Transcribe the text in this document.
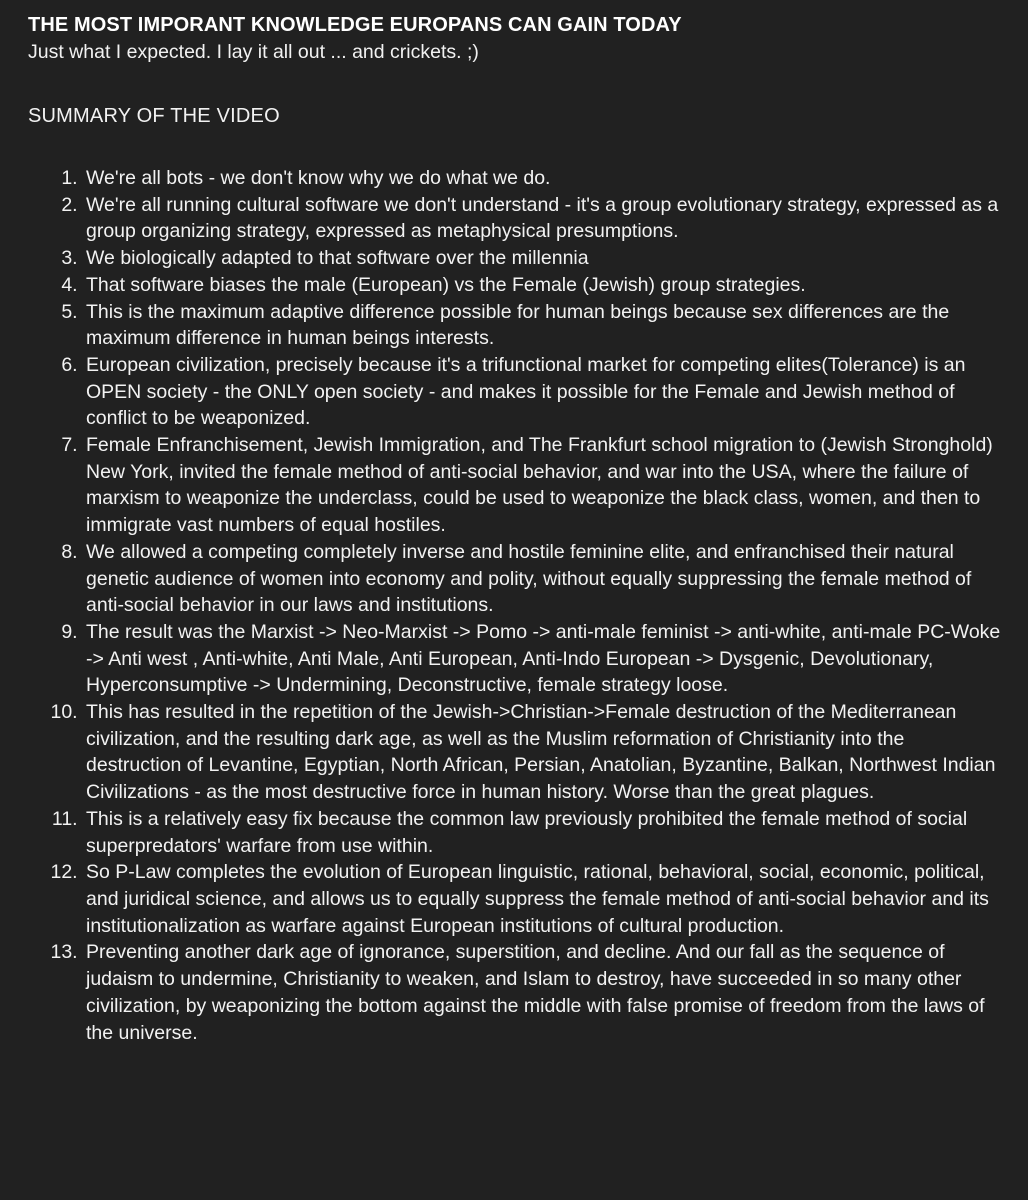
THE MOST IMPORANT KNOWLEDGE EUROPANS CAN GAIN TODAY

Just what I expected. I lay it all out ... and crickets. ;)

SUMMARY OF THE VIDEO

1. We're all bots - we don't know why we do what we do.
2. We're all running cultural software we don't understand - it's a group evolutionary strategy, expressed as a group organizing strategy, expressed as metaphysical presumptions.
3. We biologically adapted to that software over the millennia
4. That software biases the male (European) vs the Female (Jewish) group strategies.
5. This is the maximum adaptive difference possible for human beings because sex differences are the maximum difference in human beings interests.
6. European civilization, precisely because it's a trifunctional market for competing elites(Tolerance) is an OPEN society - the ONLY open society - and makes it possible for the Female and Jewish method of conflict to be weaponized.
7. Female Enfranchisement, Jewish Immigration, and The Frankfurt school migration to (Jewish Stronghold) New York, invited the female method of anti-social behavior, and war into the USA, where the failure of marxism to weaponize the underclass, could be used to weaponize the black class, women, and then to immigrate vast numbers of equal hostiles.
8. We allowed a competing completely inverse and hostile feminine elite, and enfranchised their natural genetic audience of women into economy and polity, without equally suppressing the female method of anti-social behavior in our laws and institutions.
9. The result was the Marxist -> Neo-Marxist -> Pomo -> anti-male feminist -> anti-white, anti-male PC-Woke -> Anti west , Anti-white, Anti Male, Anti European, Anti-Indo European -> Dysgenic, Devolutionary, Hyperconsumptive -> Undermining, Deconstructive, female strategy loose.
10. This has resulted in the repetition of the Jewish->Christian->Female destruction of the Mediterranean civilization, and the resulting dark age, as well as the Muslim reformation of Christianity into the destruction of Levantine, Egyptian, North African, Persian, Anatolian, Byzantine, Balkan, Northwest Indian Civilizations - as the most destructive force in human history. Worse than the great plagues.
11. This is a relatively easy fix because the common law previously prohibited the female method of social superpredators' warfare from use within.
12. So P-Law completes the evolution of European linguistic, rational, behavioral, social, economic, political, and juridical science, and allows us to equally suppress the female method of anti-social behavior and its institutionalization as warfare against European institutions of cultural production.
13. Preventing another dark age of ignorance, superstition, and decline. And our fall as the sequence of judaism to undermine, Christianity to weaken, and Islam to destroy, have succeeded in so many other civilization, by weaponizing the bottom against the middle with false promise of freedom from the laws of the universe.
